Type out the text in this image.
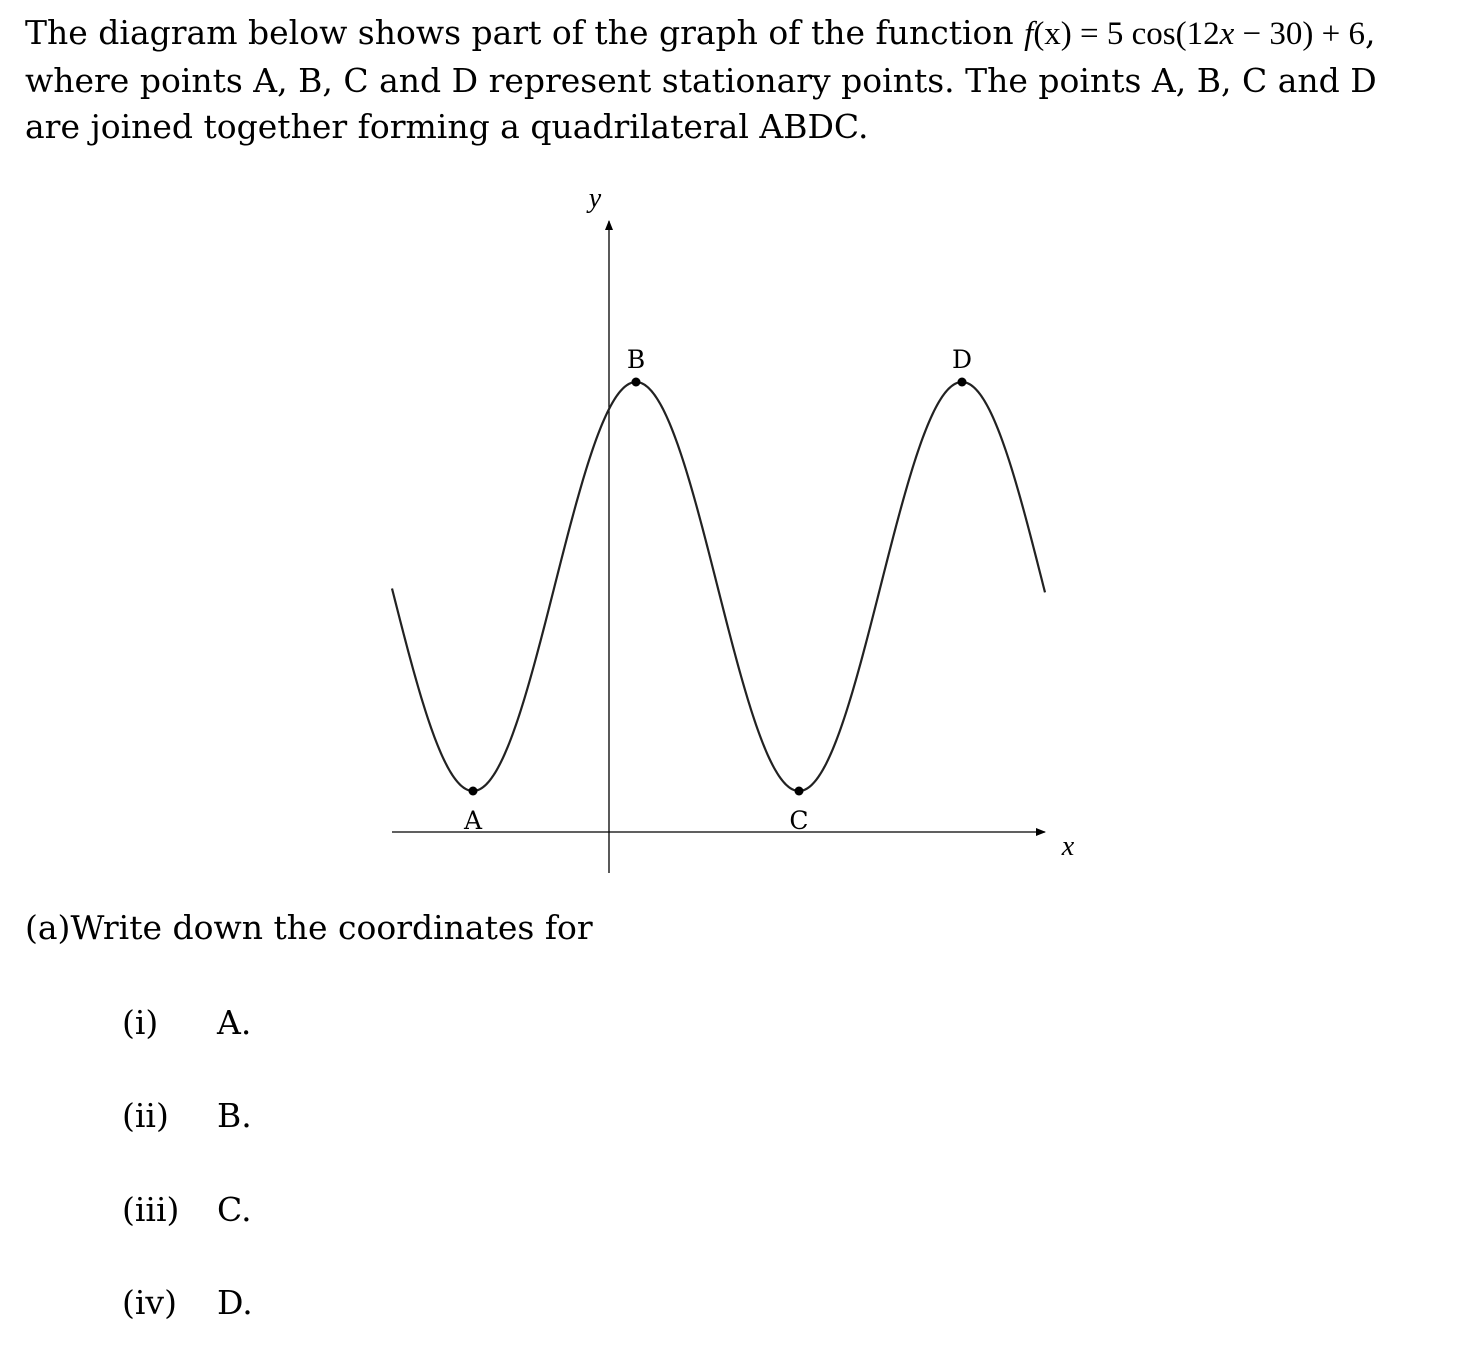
The diagram below shows part of the graph of the function f(x) = 5 cos(12x − 30) + 6, where points A, B, C and D represent stationary points. The points A, B, C and D are joined together forming a quadrilateral ABDC.

x
y
A
B
C
D

(a)Write down the coordinates for

(i) A.
(ii) B.
(iii) C.
(iv) D.
